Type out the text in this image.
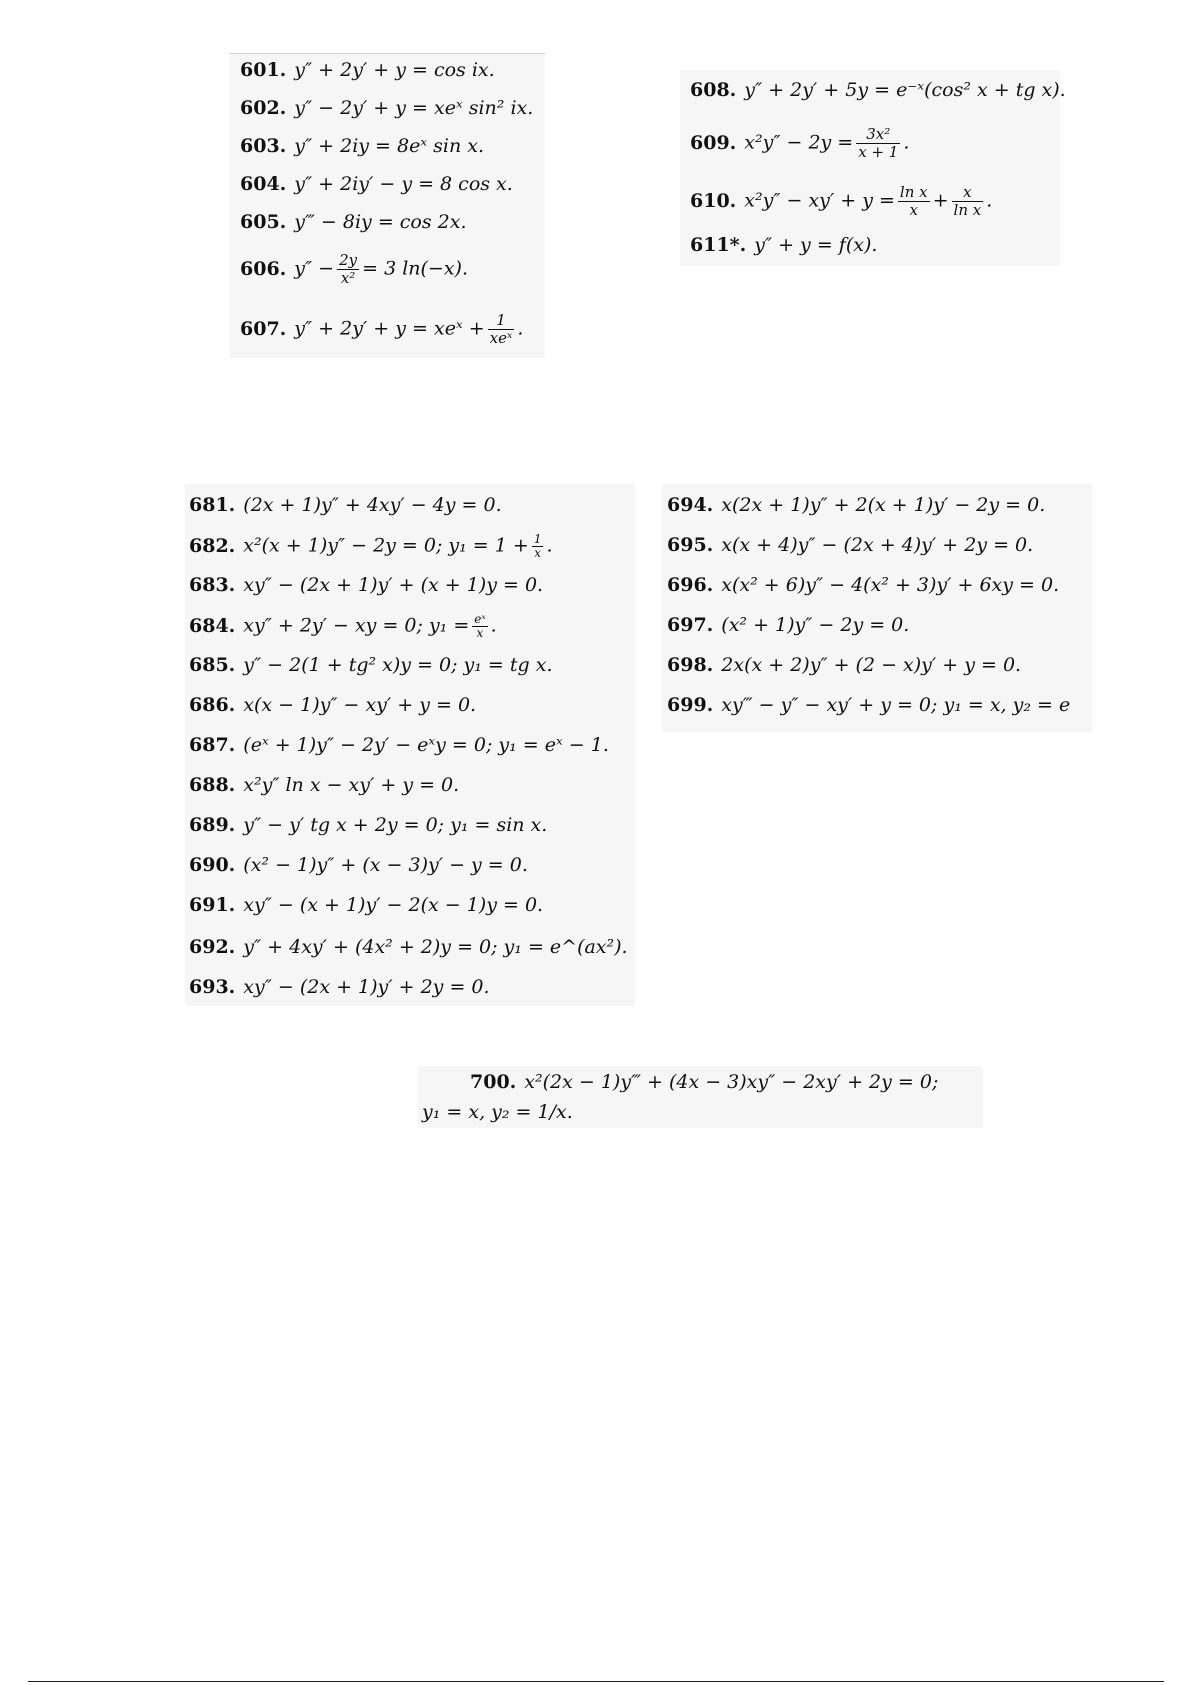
601. y″ + 2y′ + y = cos ix.
602. y″ − 2y′ + y = xeˣ sin² ix.
603. y″ + 2iy = 8eˣ sin x.
604. y″ + 2iy′ − y = 8 cos x.
605. y‴ − 8iy = cos 2x.
606. $y'' - \frac{2y}{\text{x²}} = 3$ ln(−x).
607. y″ + 2y′ + y = xeˣ + $\frac{1}{\text{xeˣ}}$ .
608. y″ + 2y′ + 5y = e⁻ˣ(cos² x + tg x).
609. $x^2y'' - 2y = \frac{\text{3x²}}{x + 1}$ .
610. $x^2y'' - xy' + y = \frac{\text{ln x}}{x} + \frac{x}{\text{ln x}}$ .
611*. y″ + y = f(x).
681. (2x + 1)y″ + 4xy′ − 4y = 0.
682. x²(x + 1)y″ − 2y = 0; $y_1 = 1 + \frac{1}{x}$ .
683. xy″ − (2x + 1)y′ + (x + 1)y = 0.
684. xy″ + 2y′ − xy = 0; $y_1 = \frac{\text{eˣ}}{x}$ .
685. y″ − 2(1 + tg² x)y = 0; y₁ = tg x.
686. x(x − 1)y″ − xy′ + y = 0.
687. (eˣ + 1)y″ − 2y′ − eˣy = 0; y₁ = eˣ − 1.
688. x²y″ ln x − xy′ + y = 0.
689. y″ − y′ tg x + 2y = 0; y₁ = sin x.
690. (x² − 1)y″ + (x − 3)y′ − y = 0.
691. xy″ − (x + 1)y′ − 2(x − 1)y = 0.
692. y″ + 4xy′ + (4x² + 2)y = 0; y₁ = e^(ax²).
693. xy″ − (2x + 1)y′ + 2y = 0.
694. x(2x + 1)y″ + 2(x + 1)y′ − 2y = 0.
695. x(x + 4)y″ − (2x + 4)y′ + 2y = 0.
696. x(x² + 6)y″ − 4(x² + 3)y′ + 6xy = 0.
697. (x² + 1)y″ − 2y = 0.
698. 2x(x + 2)y″ + (2 − x)y′ + y = 0.
699. xy‴ − y″ − xy′ + y = 0; y₁ = x, y₂ = e
700. x²(2x − 1)y‴ + (4x − 3)xy″ − 2xy′ + 2y = 0;
y₁ = x, y₂ = 1/x.
